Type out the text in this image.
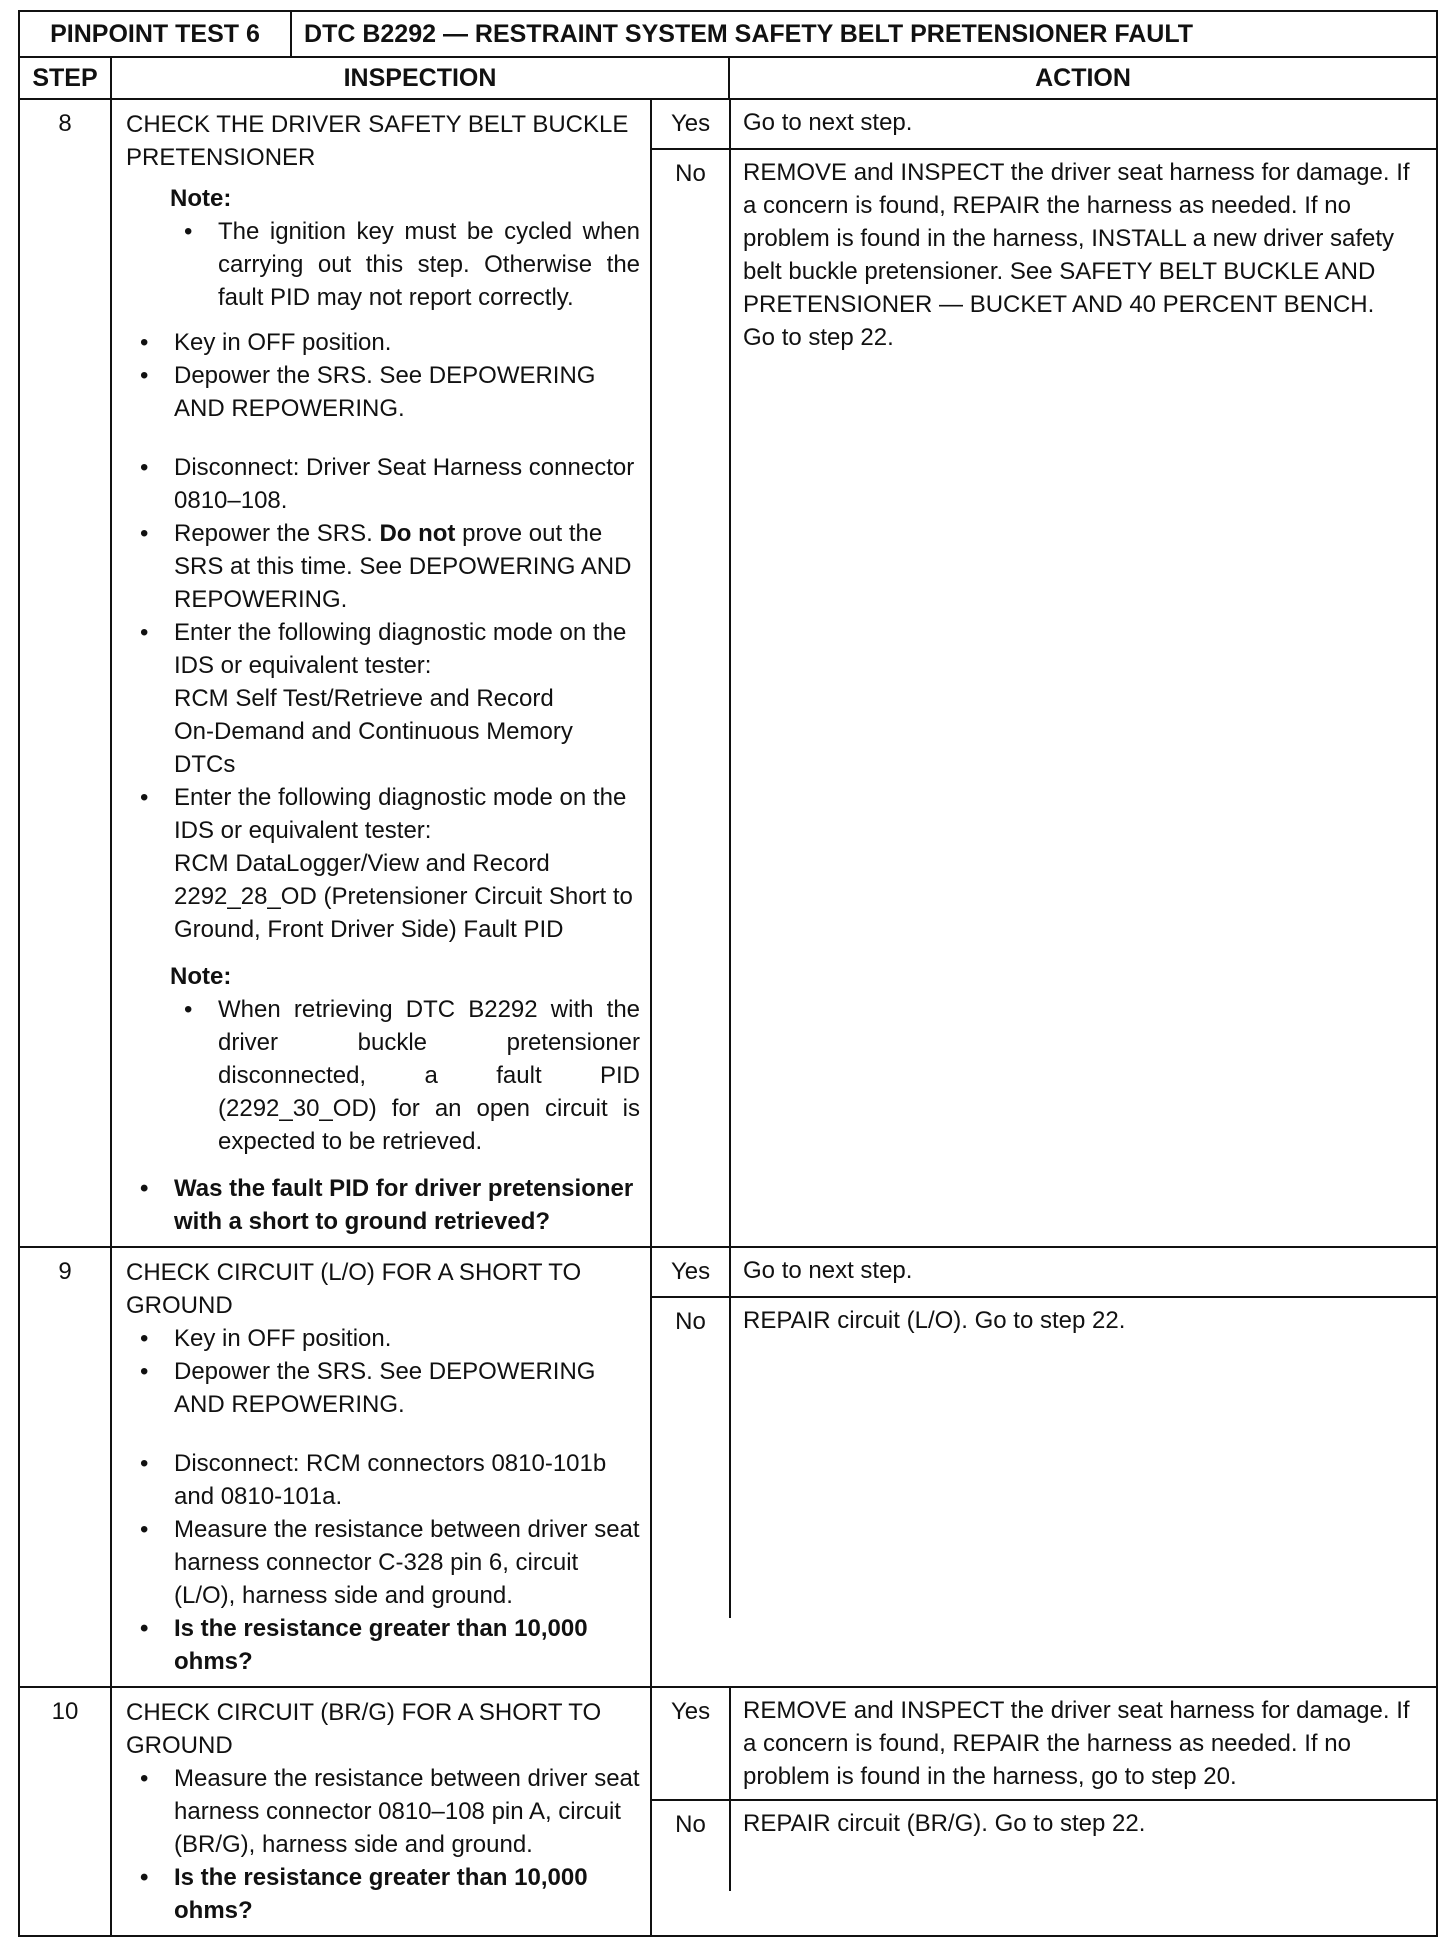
PINPOINT TEST 6	DTC B2292 — RESTRAINT SYSTEM SAFETY BELT PRETENSIONER FAULT
STEP	INSPECTION	ACTION
8	CHECK THE DRIVER SAFETY BELT BUCKLE PRETENSIONER
Note:
• The ignition key must be cycled when carrying out this step. Otherwise the fault PID may not report correctly.
• Key in OFF position.
• Depower the SRS. See DEPOWERING AND REPOWERING.
• Disconnect: Driver Seat Harness connector 0810–108.
• Repower the SRS. Do not prove out the SRS at this time. See DEPOWERING AND REPOWERING.
• Enter the following diagnostic mode on the IDS or equivalent tester:
RCM Self Test/Retrieve and Record
On-Demand and Continuous Memory DTCs
• Enter the following diagnostic mode on the IDS or equivalent tester:
RCM DataLogger/View and Record
2292_28_OD (Pretensioner Circuit Short to Ground, Front Driver Side) Fault PID
Note:
• When retrieving DTC B2292 with the driver buckle pretensioner disconnected, a fault PID (2292_30_OD) for an open circuit is expected to be retrieved.
• Was the fault PID for driver pretensioner with a short to ground retrieved?

Yes	Go to next step.
No	REMOVE and INSPECT the driver seat harness for damage. If a concern is found, REPAIR the harness as needed. If no problem is found in the harness, INSTALL a new driver safety belt buckle pretensioner. See SAFETY BELT BUCKLE AND PRETENSIONER — BUCKET AND 40 PERCENT BENCH.
Go to step 22.

9	CHECK CIRCUIT (L/O) FOR A SHORT TO GROUND
• Key in OFF position.
• Depower the SRS. See DEPOWERING AND REPOWERING.
• Disconnect: RCM connectors 0810-101b and 0810-101a.
• Measure the resistance between driver seat harness connector C-328 pin 6, circuit (L/O), harness side and ground.
• Is the resistance greater than 10,000 ohms?

Yes	Go to next step.
No	REPAIR circuit (L/O). Go to step 22.

10	CHECK CIRCUIT (BR/G) FOR A SHORT TO GROUND
• Measure the resistance between driver seat harness connector 0810–108 pin A, circuit (BR/G), harness side and ground.
• Is the resistance greater than 10,000 ohms?

Yes	REMOVE and INSPECT the driver seat harness for damage. If a concern is found, REPAIR the harness as needed. If no problem is found in the harness, go to step 20.
No	REPAIR circuit (BR/G). Go to step 22.
